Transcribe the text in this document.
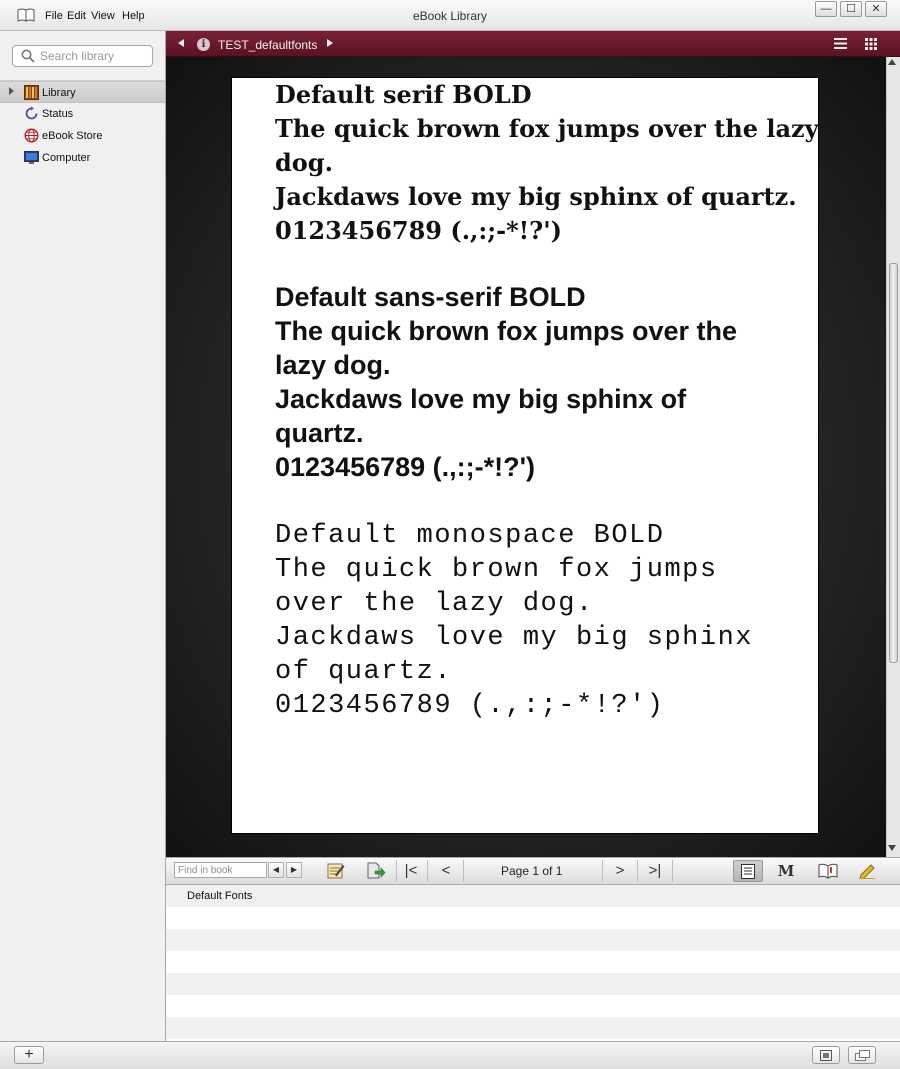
File Edit View Help	eBook Library	—	☐	✕
Search library
Library
Status
eBook Store
Computer
i	TEST_defaultfonts
Default serif BOLD
The quick brown fox jumps over the lazy
dog.
Jackdaws love my big sphinx of quartz.
0123456789 (.,:;-*!?')
Default sans-serif BOLD
The quick brown fox jumps over the
lazy dog.
Jackdaws love my big sphinx of
quartz.
0123456789 (.,:;-*!?')
Default monospace BOLD
The quick brown fox jumps
over the lazy dog.
Jackdaws love my big sphinx
of quartz.
0123456789 (.,:;-*!?')
Find in book
◀	▶	|<	<	Page 1 of 1	>	>|	M
Default Fonts
+
